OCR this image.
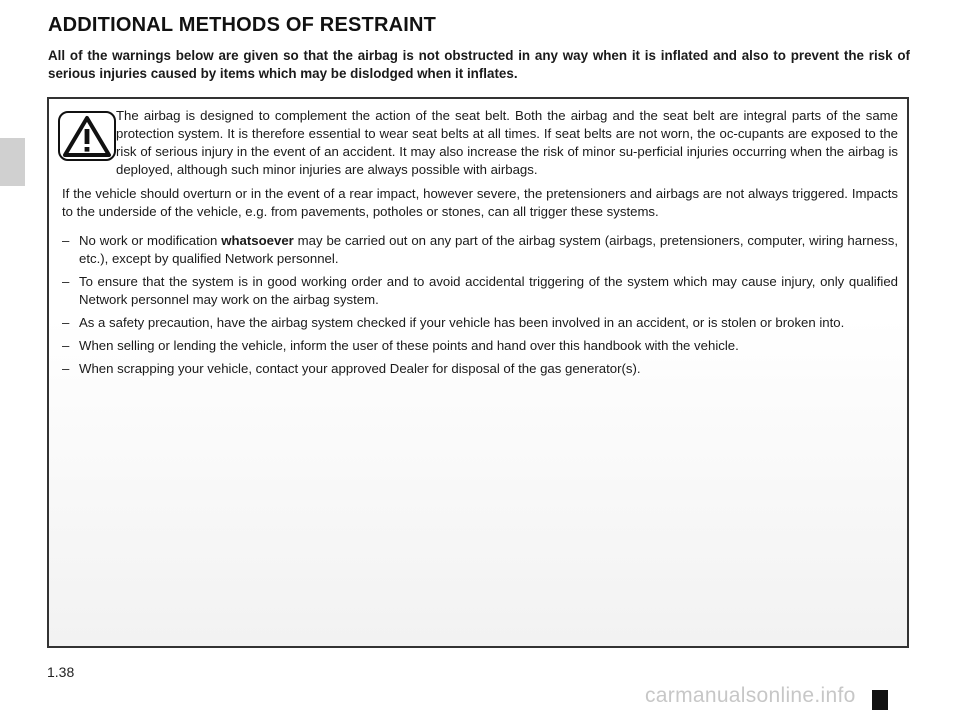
ADDITIONAL METHODS OF RESTRAINT

All of the warnings below are given so that the airbag is not obstructed in any way when it is inflated and also to prevent the risk of serious injuries caused by items which may be dislodged when it inflates.

The airbag is designed to complement the action of the seat belt. Both the airbag and the seat belt are integral parts of the same protection system. It is therefore essential to wear seat belts at all times. If seat belts are not worn, the oc-cupants are exposed to the risk of serious injury in the event of an accident. It may also increase the risk of minor su-perficial injuries occurring when the airbag is deployed, although such minor injuries are always possible with airbags.

If the vehicle should overturn or in the event of a rear impact, however severe, the pretensioners and airbags are not always triggered. Impacts to the underside of the vehicle, e.g. from pavements, potholes or stones, can all trigger these systems.

– No work or modification whatsoever may be carried out on any part of the airbag system (airbags, pretensioners, computer, wiring harness, etc.), except by qualified Network personnel.
– To ensure that the system is in good working order and to avoid accidental triggering of the system which may cause injury, only qualified Network personnel may work on the airbag system.
– As a safety precaution, have the airbag system checked if your vehicle has been involved in an accident, or is stolen or broken into.
– When selling or lending the vehicle, inform the user of these points and hand over this handbook with the vehicle.
– When scrapping your vehicle, contact your approved Dealer for disposal of the gas generator(s).

1.38

carmanualsonline.info
